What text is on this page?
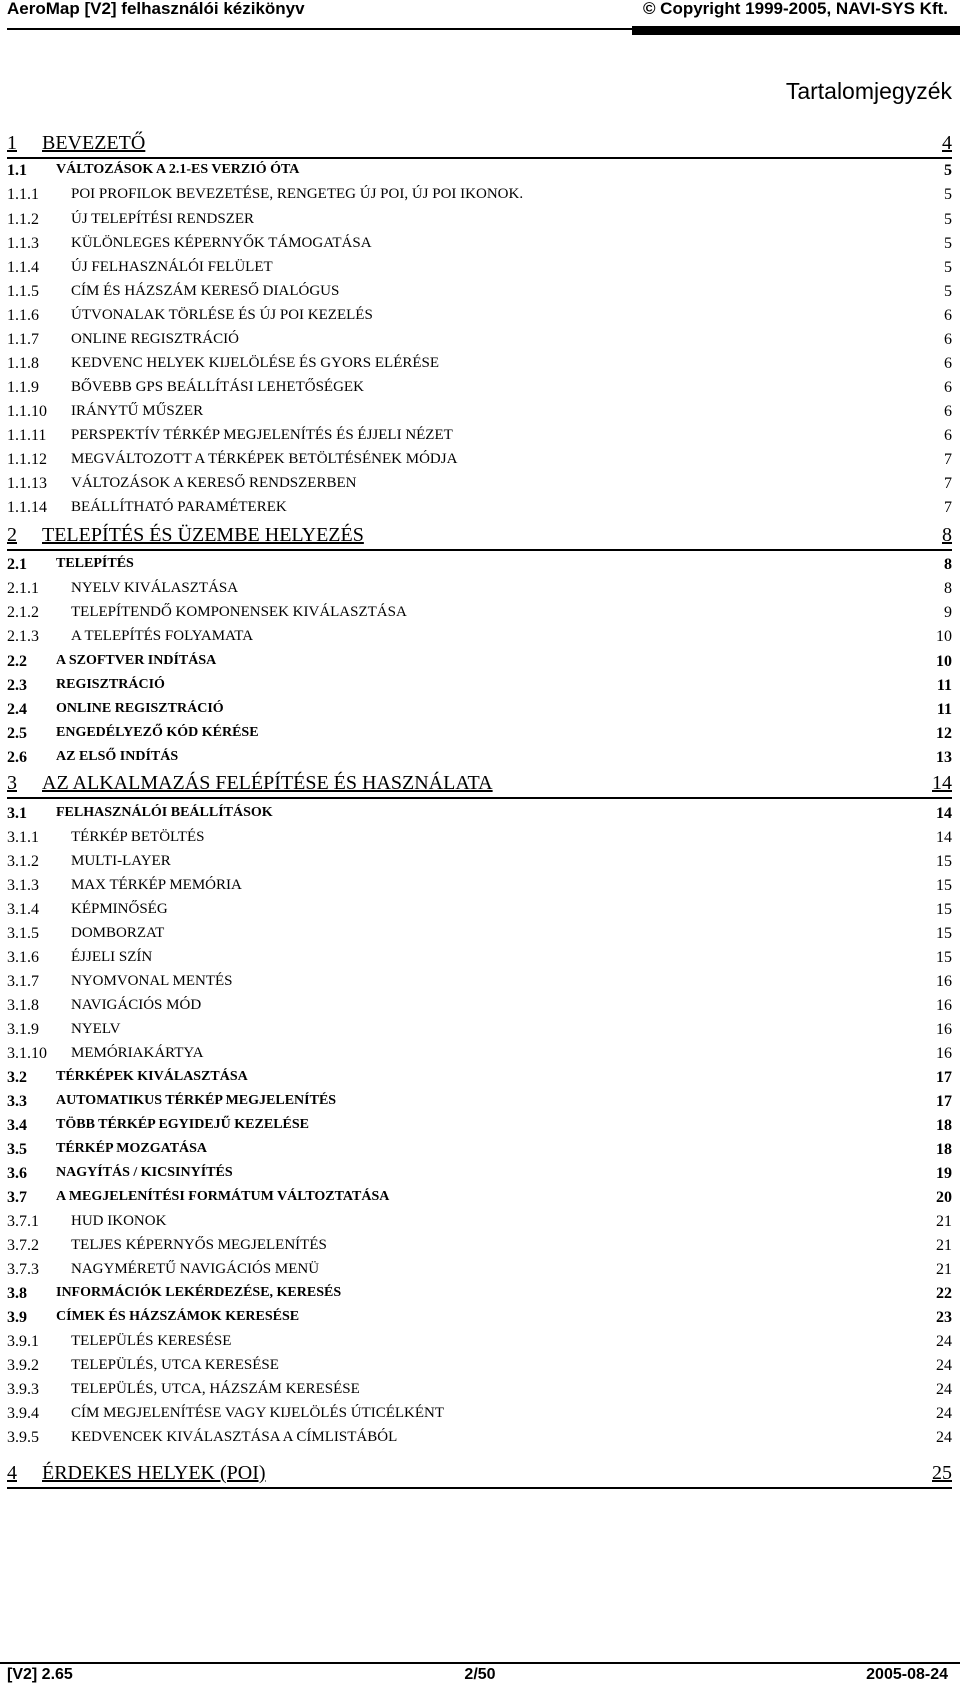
AeroMap [V2] felhasználói kézikönyv	© Copyright 1999-2005, NAVI-SYS Kft.
Tartalomjegyzék
1 BEVEZETŐ	4
1.1 VÁLTOZÁSOK A 2.1-ES VERZIÓ ÓTA	5
1.1.1 POI PROFILOK BEVEZETÉSE, RENGETEG ÚJ POI, ÚJ POI IKONOK.	5
1.1.2 ÚJ TELEPÍTÉSI RENDSZER	5
1.1.3 KÜLÖNLEGES KÉPERNYŐK TÁMOGATÁSA	5
1.1.4 ÚJ FELHASZNÁLÓI FELÜLET	5
1.1.5 CÍM ÉS HÁZSZÁM KERESŐ DIALÓGUS	5
1.1.6 ÚTVONALAK TÖRLÉSE ÉS ÚJ POI KEZELÉS	6
1.1.7 ONLINE REGISZTRÁCIÓ	6
1.1.8 KEDVENC HELYEK KIJELÖLÉSE ÉS GYORS ELÉRÉSE	6
1.1.9 BŐVEBB GPS BEÁLLÍTÁSI LEHETŐSÉGEK	6
1.1.10 IRÁNYTŰ MŰSZER	6
1.1.11 PERSPEKTÍV TÉRKÉP MEGJELENÍTÉS ÉS ÉJJELI NÉZET	6
1.1.12 MEGVÁLTOZOTT A TÉRKÉPEK BETÖLTÉSÉNEK MÓDJA	7
1.1.13 VÁLTOZÁSOK A KERESŐ RENDSZERBEN	7
1.1.14 BEÁLLÍTHATÓ PARAMÉTEREK	7
2 TELEPÍTÉS ÉS ÜZEMBE HELYEZÉS	8
2.1 TELEPÍTÉS	8
2.1.1 NYELV KIVÁLASZTÁSA	8
2.1.2 TELEPÍTENDŐ KOMPONENSEK KIVÁLASZTÁSA	9
2.1.3 A TELEPÍTÉS FOLYAMATA	10
2.2 A SZOFTVER INDÍTÁSA	10
2.3 REGISZTRÁCIÓ	11
2.4 ONLINE REGISZTRÁCIÓ	11
2.5 ENGEDÉLYEZŐ KÓD KÉRÉSE	12
2.6 AZ ELSŐ INDÍTÁS	13
3 AZ ALKALMAZÁS FELÉPÍTÉSE ÉS HASZNÁLATA	14
3.1 FELHASZNÁLÓI BEÁLLÍTÁSOK	14
3.1.1 TÉRKÉP BETÖLTÉS	14
3.1.2 MULTI-LAYER	15
3.1.3 MAX TÉRKÉP MEMÓRIA	15
3.1.4 KÉPMINŐSÉG	15
3.1.5 DOMBORZAT	15
3.1.6 ÉJJELI SZÍN	15
3.1.7 NYOMVONAL MENTÉS	16
3.1.8 NAVIGÁCIÓS MÓD	16
3.1.9 NYELV	16
3.1.10 MEMÓRIAKÁRTYA	16
3.2 TÉRKÉPEK KIVÁLASZTÁSA	17
3.3 AUTOMATIKUS TÉRKÉP MEGJELENÍTÉS	17
3.4 TÖBB TÉRKÉP EGYIDEJŰ KEZELÉSE	18
3.5 TÉRKÉP MOZGATÁSA	18
3.6 NAGYÍTÁS / KICSINYÍTÉS	19
3.7 A MEGJELENÍTÉSI FORMÁTUM VÁLTOZTATÁSA	20
3.7.1 HUD IKONOK	21
3.7.2 TELJES KÉPERNYŐS MEGJELENÍTÉS	21
3.7.3 NAGYMÉRETŰ NAVIGÁCIÓS MENÜ	21
3.8 INFORMÁCIÓK LEKÉRDEZÉSE, KERESÉS	22
3.9 CÍMEK ÉS HÁZSZÁMOK KERESÉSE	23
3.9.1 TELEPÜLÉS KERESÉSE	24
3.9.2 TELEPÜLÉS, UTCA KERESÉSE	24
3.9.3 TELEPÜLÉS, UTCA, HÁZSZÁM KERESÉSE	24
3.9.4 CÍM MEGJELENÍTÉSE VAGY KIJELÖLÉS ÚTICÉLKÉNT	24
3.9.5 KEDVENCEK KIVÁLASZTÁSA A CÍMLISTÁBÓL	24
4 ÉRDEKES HELYEK (POI)	25
[V2] 2.65	2/50	2005-08-24
